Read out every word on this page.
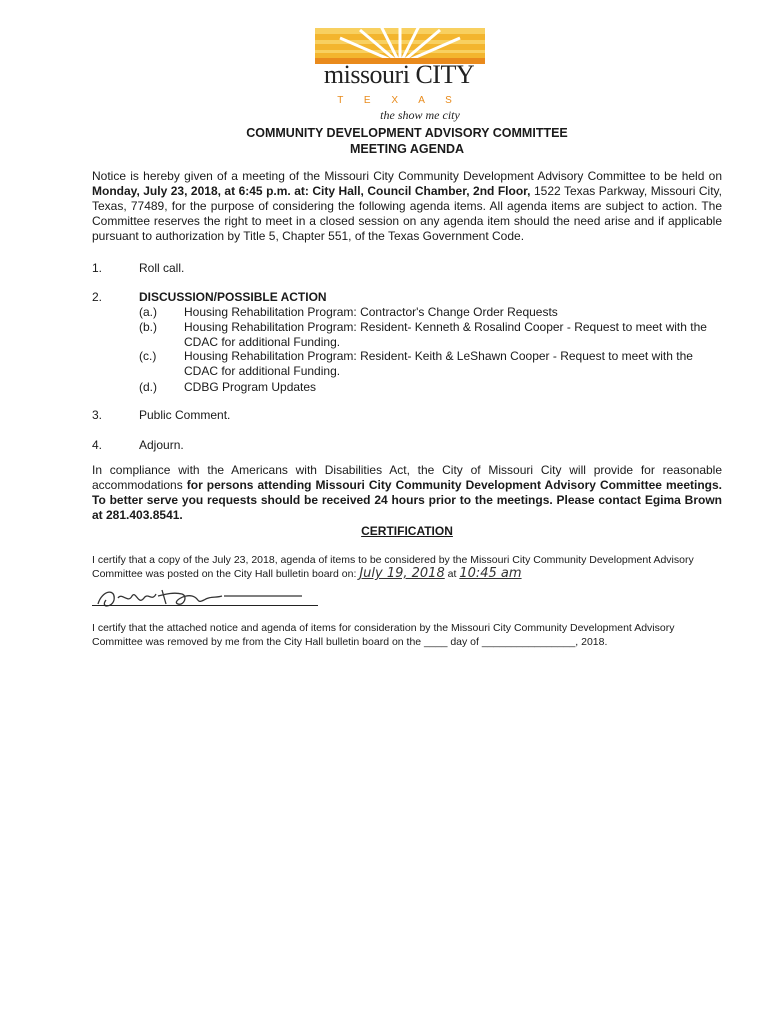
missouri CITY
T E X A S
the show me city
COMMUNITY DEVELOPMENT ADVISORY COMMITTEE
MEETING AGENDA
Notice is hereby given of a meeting of the Missouri City Community Development Advisory Committee to be held on Monday, July 23, 2018, at 6:45 p.m. at: City Hall, Council Chamber, 2nd Floor, 1522 Texas Parkway, Missouri City, Texas, 77489, for the purpose of considering the following agenda items. All agenda items are subject to action. The Committee reserves the right to meet in a closed session on any agenda item should the need arise and if applicable pursuant to authorization by Title 5, Chapter 551, of the Texas Government Code.
1.	Roll call.
2.	DISCUSSION/POSSIBLE ACTION
(a.) Housing Rehabilitation Program: Contractor's Change Order Requests
(b.) Housing Rehabilitation Program: Resident- Kenneth & Rosalind Cooper - Request to meet with the CDAC for additional Funding.
(c.) Housing Rehabilitation Program: Resident- Keith & LeShawn Cooper - Request to meet with the CDAC for additional Funding.
(d.) CDBG Program Updates
3.	Public Comment.
4.	Adjourn.
In compliance with the Americans with Disabilities Act, the City of Missouri City will provide for reasonable accommodations for persons attending Missouri City Community Development Advisory Committee meetings. To better serve you requests should be received 24 hours prior to the meetings. Please contact Egima Brown at 281.403.8541.
CERTIFICATION
I certify that a copy of the July 23, 2018, agenda of items to be considered by the Missouri City Community Development Advisory Committee was posted on the City Hall bulletin board on: July 19, 2018 at 10:45 am
I certify that the attached notice and agenda of items for consideration by the Missouri City Community Development Advisory Committee was removed by me from the City Hall bulletin board on the ____ day of ________________, 2018.
